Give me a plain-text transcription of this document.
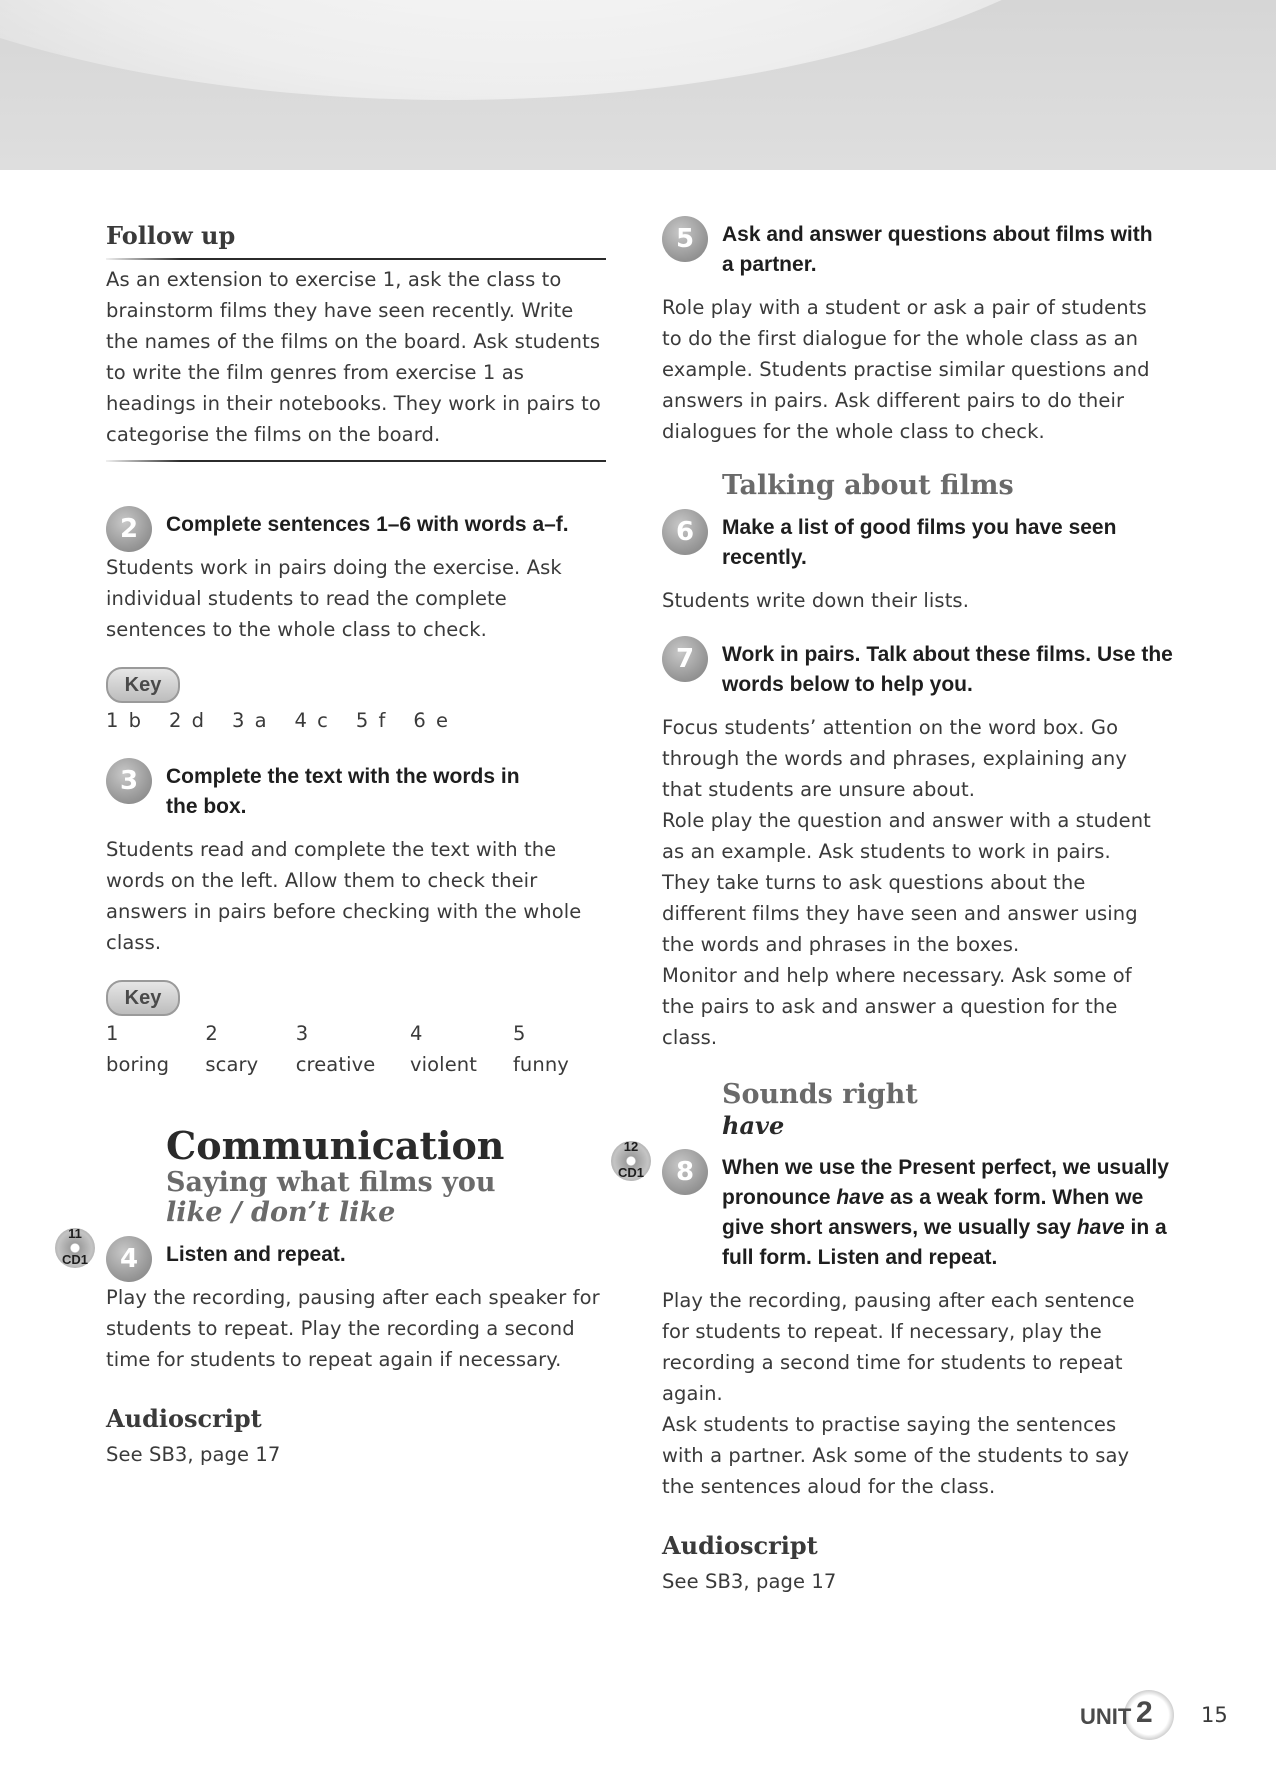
Follow up
As an extension to exercise 1, ask the class to brainstorm films they have seen recently. Write the names of the films on the board. Ask students to write the film genres from exercise 1 as headings in their notebooks. They work in pairs to categorise the films on the board.
2	Complete sentences 1–6 with words a–f.
Students work in pairs doing the exercise. Ask individual students to read the complete sentences to the whole class to check.
Key
1 b 2 d 3 a 4 c 5 f 6 e
3	Complete the text with the words in the box.
Students read and complete the text with the words on the left. Allow them to check their answers in pairs before checking with the whole class.
Key
1 boring
2 scary
3 creative
4 violent
5 funny
Communication
Saying what films you
like / don’t like
11
CD1	4	Listen and repeat.
Play the recording, pausing after each speaker for students to repeat. Play the recording a second time for students to repeat again if necessary.
Audioscript
See SB3, page 17
5	Ask and answer questions about films with a partner.
Role play with a student or ask a pair of students to do the first dialogue for the whole class as an example. Students practise similar questions and answers in pairs. Ask different pairs to do their dialogues for the whole class to check.
Talking about films
6	Make a list of good films you have seen recently.
Students write down their lists.
7	Work in pairs. Talk about these films. Use the words below to help you.
Focus students’ attention on the word box. Go through the words and phrases, explaining any that students are unsure about.
Role play the question and answer with a student as an example. Ask students to work in pairs. They take turns to ask questions about the different films they have seen and answer using the words and phrases in the boxes.
Monitor and help where necessary. Ask some of the pairs to ask and answer a question for the class.
Sounds right
have
12
CD1	8	When we use the Present perfect, we usually pronounce have as a weak form. When we give short answers, we usually say have in a full form. Listen and repeat.
Play the recording, pausing after each sentence for students to repeat. If necessary, play the recording a second time for students to repeat again.
Ask students to practise saying the sentences with a partner. Ask some of the students to say the sentences aloud for the class.
Audioscript
See SB3, page 17
UNIT 2 15
